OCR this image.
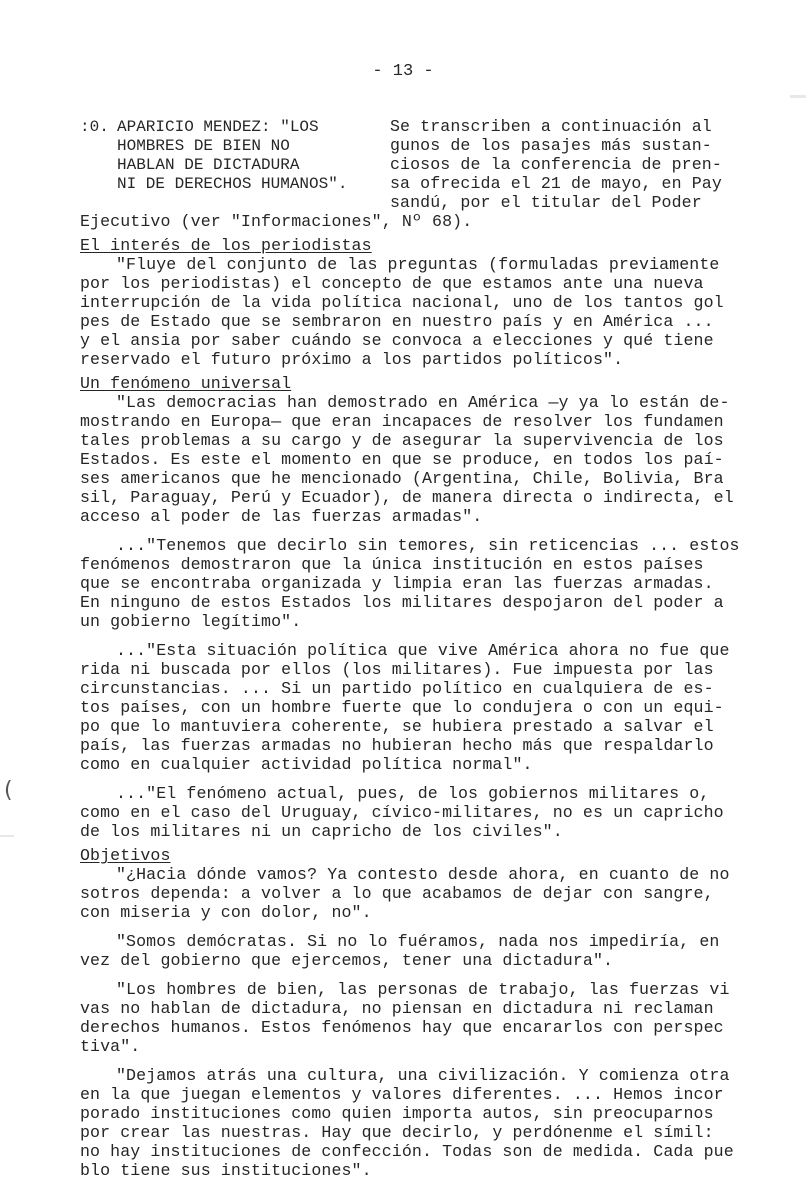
- 13 -
:0. APARICIO MENDEZ: "LOS
HOMBRES DE BIEN NO
HABLAN DE DICTADURA
NI DE DERECHOS HUMANOS".
Se transcriben a continuación al
gunos de los pasajes más sustan-
ciosos de la conferencia de pren-
sa ofrecida el 21 de mayo, en Pay
sandú, por el titular del Poder
Ejecutivo (ver "Informaciones", Nº 68).
El interés de los periodistas
"Fluye del conjunto de las preguntas (formuladas previamente
por los periodistas) el concepto de que estamos ante una nueva
interrupción de la vida política nacional, uno de los tantos gol
pes de Estado que se sembraron en nuestro país y en América ...
y el ansia por saber cuándo se convoca a elecciones y qué tiene
reservado el futuro próximo a los partidos políticos".
Un fenómeno universal
"Las democracias han demostrado en América —y ya lo están de-
mostrando en Europa— que eran incapaces de resolver los fundamen
tales problemas a su cargo y de asegurar la supervivencia de los
Estados. Es este el momento en que se produce, en todos los paí-
ses americanos que he mencionado (Argentina, Chile, Bolivia, Bra
sil, Paraguay, Perú y Ecuador), de manera directa o indirecta, el
acceso al poder de las fuerzas armadas".
..."Tenemos que decirlo sin temores, sin reticencias ... estos
fenómenos demostraron que la única institución en estos países
que se encontraba organizada y limpia eran las fuerzas armadas.
En ninguno de estos Estados los militares despojaron del poder a
un gobierno legítimo".
..."Esta situación política que vive América ahora no fue que
rida ni buscada por ellos (los militares). Fue impuesta por las
circunstancias. ... Si un partido político en cualquiera de es-
tos países, con un hombre fuerte que lo condujera o con un equi-
po que lo mantuviera coherente, se hubiera prestado a salvar el
país, las fuerzas armadas no hubieran hecho más que respaldarlo
como en cualquier actividad política normal".
..."El fenómeno actual, pues, de los gobiernos militares o,
como en el caso del Uruguay, cívico-militares, no es un capricho
de los militares ni un capricho de los civiles".
Objetivos
"¿Hacia dónde vamos? Ya contesto desde ahora, en cuanto de no
sotros dependa: a volver a lo que acabamos de dejar con sangre,
con miseria y con dolor, no".
"Somos demócratas. Si no lo fuéramos, nada nos impediría, en
vez del gobierno que ejercemos, tener una dictadura".
"Los hombres de bien, las personas de trabajo, las fuerzas vi
vas no hablan de dictadura, no piensan en dictadura ni reclaman
derechos humanos. Estos fenómenos hay que encararlos con perspec
tiva".
"Dejamos atrás una cultura, una civilización. Y comienza otra
en la que juegan elementos y valores diferentes. ... Hemos incor
porado instituciones como quien importa autos, sin preocuparnos
por crear las nuestras. Hay que decirlo, y perdónenme el símil:
no hay instituciones de confección. Todas son de medida. Cada pue
blo tiene sus instituciones".
(
